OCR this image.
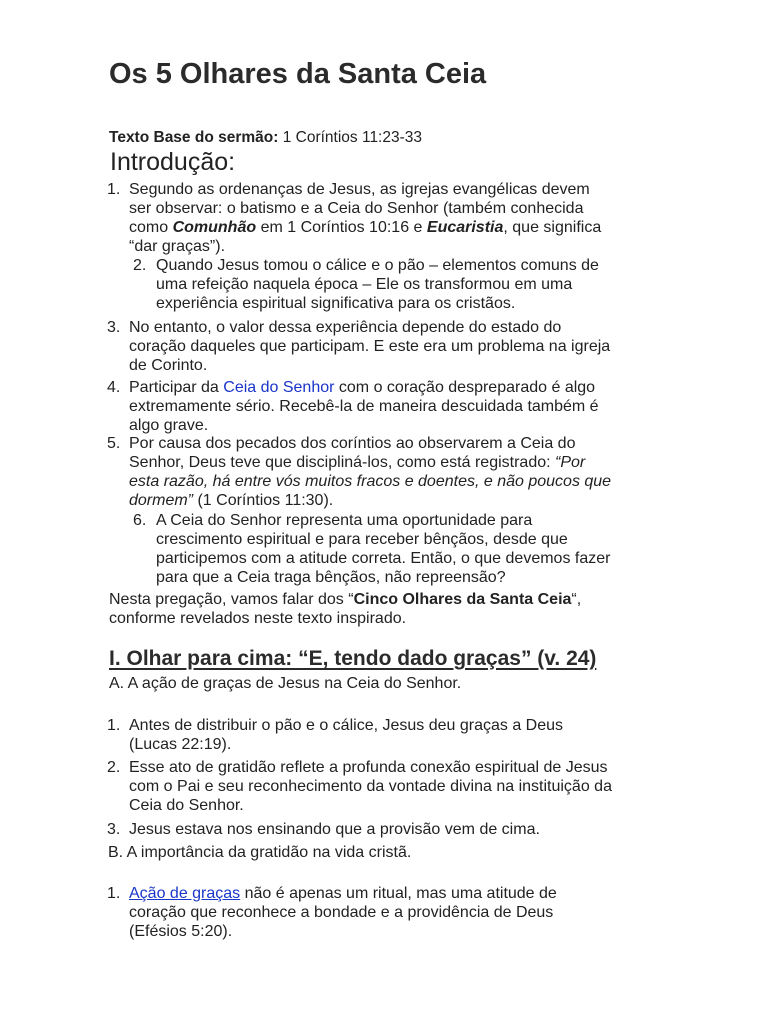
Os 5 Olhares da Santa Ceia
Texto Base do sermão: 1 Coríntios 11:23-33
Introdução:
1. Segundo as ordenanças de Jesus, as igrejas evangélicas devem
ser observar: o batismo e a Ceia do Senhor (também conhecida
como Comunhão em 1 Coríntios 10:16 e Eucaristia, que significa
“dar graças”).
2. Quando Jesus tomou o cálice e o pão – elementos comuns de
uma refeição naquela época – Ele os transformou em uma
experiência espiritual significativa para os cristãos.
3. No entanto, o valor dessa experiência depende do estado do
coração daqueles que participam. E este era um problema na igreja
de Corinto.
4. Participar da Ceia do Senhor com o coração despreparado é algo
extremamente sério. Recebê-la de maneira descuidada também é
algo grave.
5. Por causa dos pecados dos coríntios ao observarem a Ceia do
Senhor, Deus teve que discipliná-los, como está registrado: “Por
esta razão, há entre vós muitos fracos e doentes, e não poucos que
dormem” (1 Coríntios 11:30).
6. A Ceia do Senhor representa uma oportunidade para
crescimento espiritual e para receber bênçãos, desde que
participemos com a atitude correta. Então, o que devemos fazer
para que a Ceia traga bênçãos, não repreensão?
Nesta pregação, vamos falar dos “Cinco Olhares da Santa Ceia“,
conforme revelados neste texto inspirado.
I. Olhar para cima: “E, tendo dado graças” (v. 24)
A. A ação de graças de Jesus na Ceia do Senhor.
1. Antes de distribuir o pão e o cálice, Jesus deu graças a Deus
(Lucas 22:19).
2. Esse ato de gratidão reflete a profunda conexão espiritual de Jesus
com o Pai e seu reconhecimento da vontade divina na instituição da
Ceia do Senhor.
3. Jesus estava nos ensinando que a provisão vem de cima.
B. A importância da gratidão na vida cristã.
1. Ação de graças não é apenas um ritual, mas uma atitude de
coração que reconhece a bondade e a providência de Deus
(Efésios 5:20).
